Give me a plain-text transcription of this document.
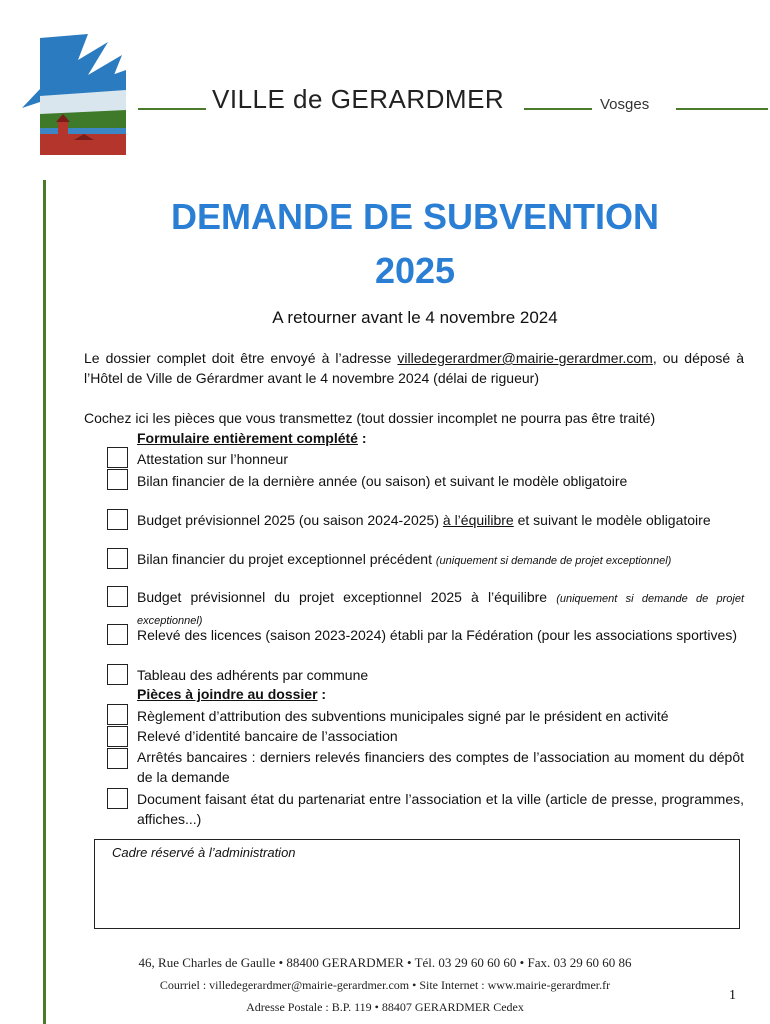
VILLE de GERARDMER	Vosges
DEMANDE DE SUBVENTION
2025
A retourner avant le 4 novembre 2024
Le dossier complet doit être envoyé à l’adresse villedegerardmer@mairie-gerardmer.com, ou déposé à l’Hôtel de Ville de Gérardmer avant le 4 novembre 2024 (délai de rigueur)
Cochez ici les pièces que vous transmettez (tout dossier incomplet ne pourra pas être traité)
Formulaire entièrement complété :
Attestation sur l’honneur
Bilan financier de la dernière année (ou saison) et suivant le modèle obligatoire
Budget prévisionnel 2025 (ou saison 2024-2025) à l’équilibre et suivant le modèle obligatoire
Bilan financier du projet exceptionnel précédent (uniquement si demande de projet exceptionnel)
Budget prévisionnel du projet exceptionnel 2025 à l’équilibre (uniquement si demande de projet exceptionnel)
Relevé des licences (saison 2023-2024) établi par la Fédération (pour les associations sportives)
Tableau des adhérents par commune
Pièces à joindre au dossier :
Règlement d’attribution des subventions municipales signé par le président en activité
Relevé d’identité bancaire de l’association
Arrêtés bancaires : derniers relevés financiers des comptes de l’association au moment du dépôt de la demande
Document faisant état du partenariat entre l’association et la ville (article de presse, programmes, affiches...)
Cadre réservé à l’administration
46, Rue Charles de Gaulle • 88400 GERARDMER • Tél. 03 29 60 60 60 • Fax. 03 29 60 60 86
Courriel : villedegerardmer@mairie-gerardmer.com • Site Internet : www.mairie-gerardmer.fr
Adresse Postale : B.P. 119 • 88407 GERARDMER Cedex
1
